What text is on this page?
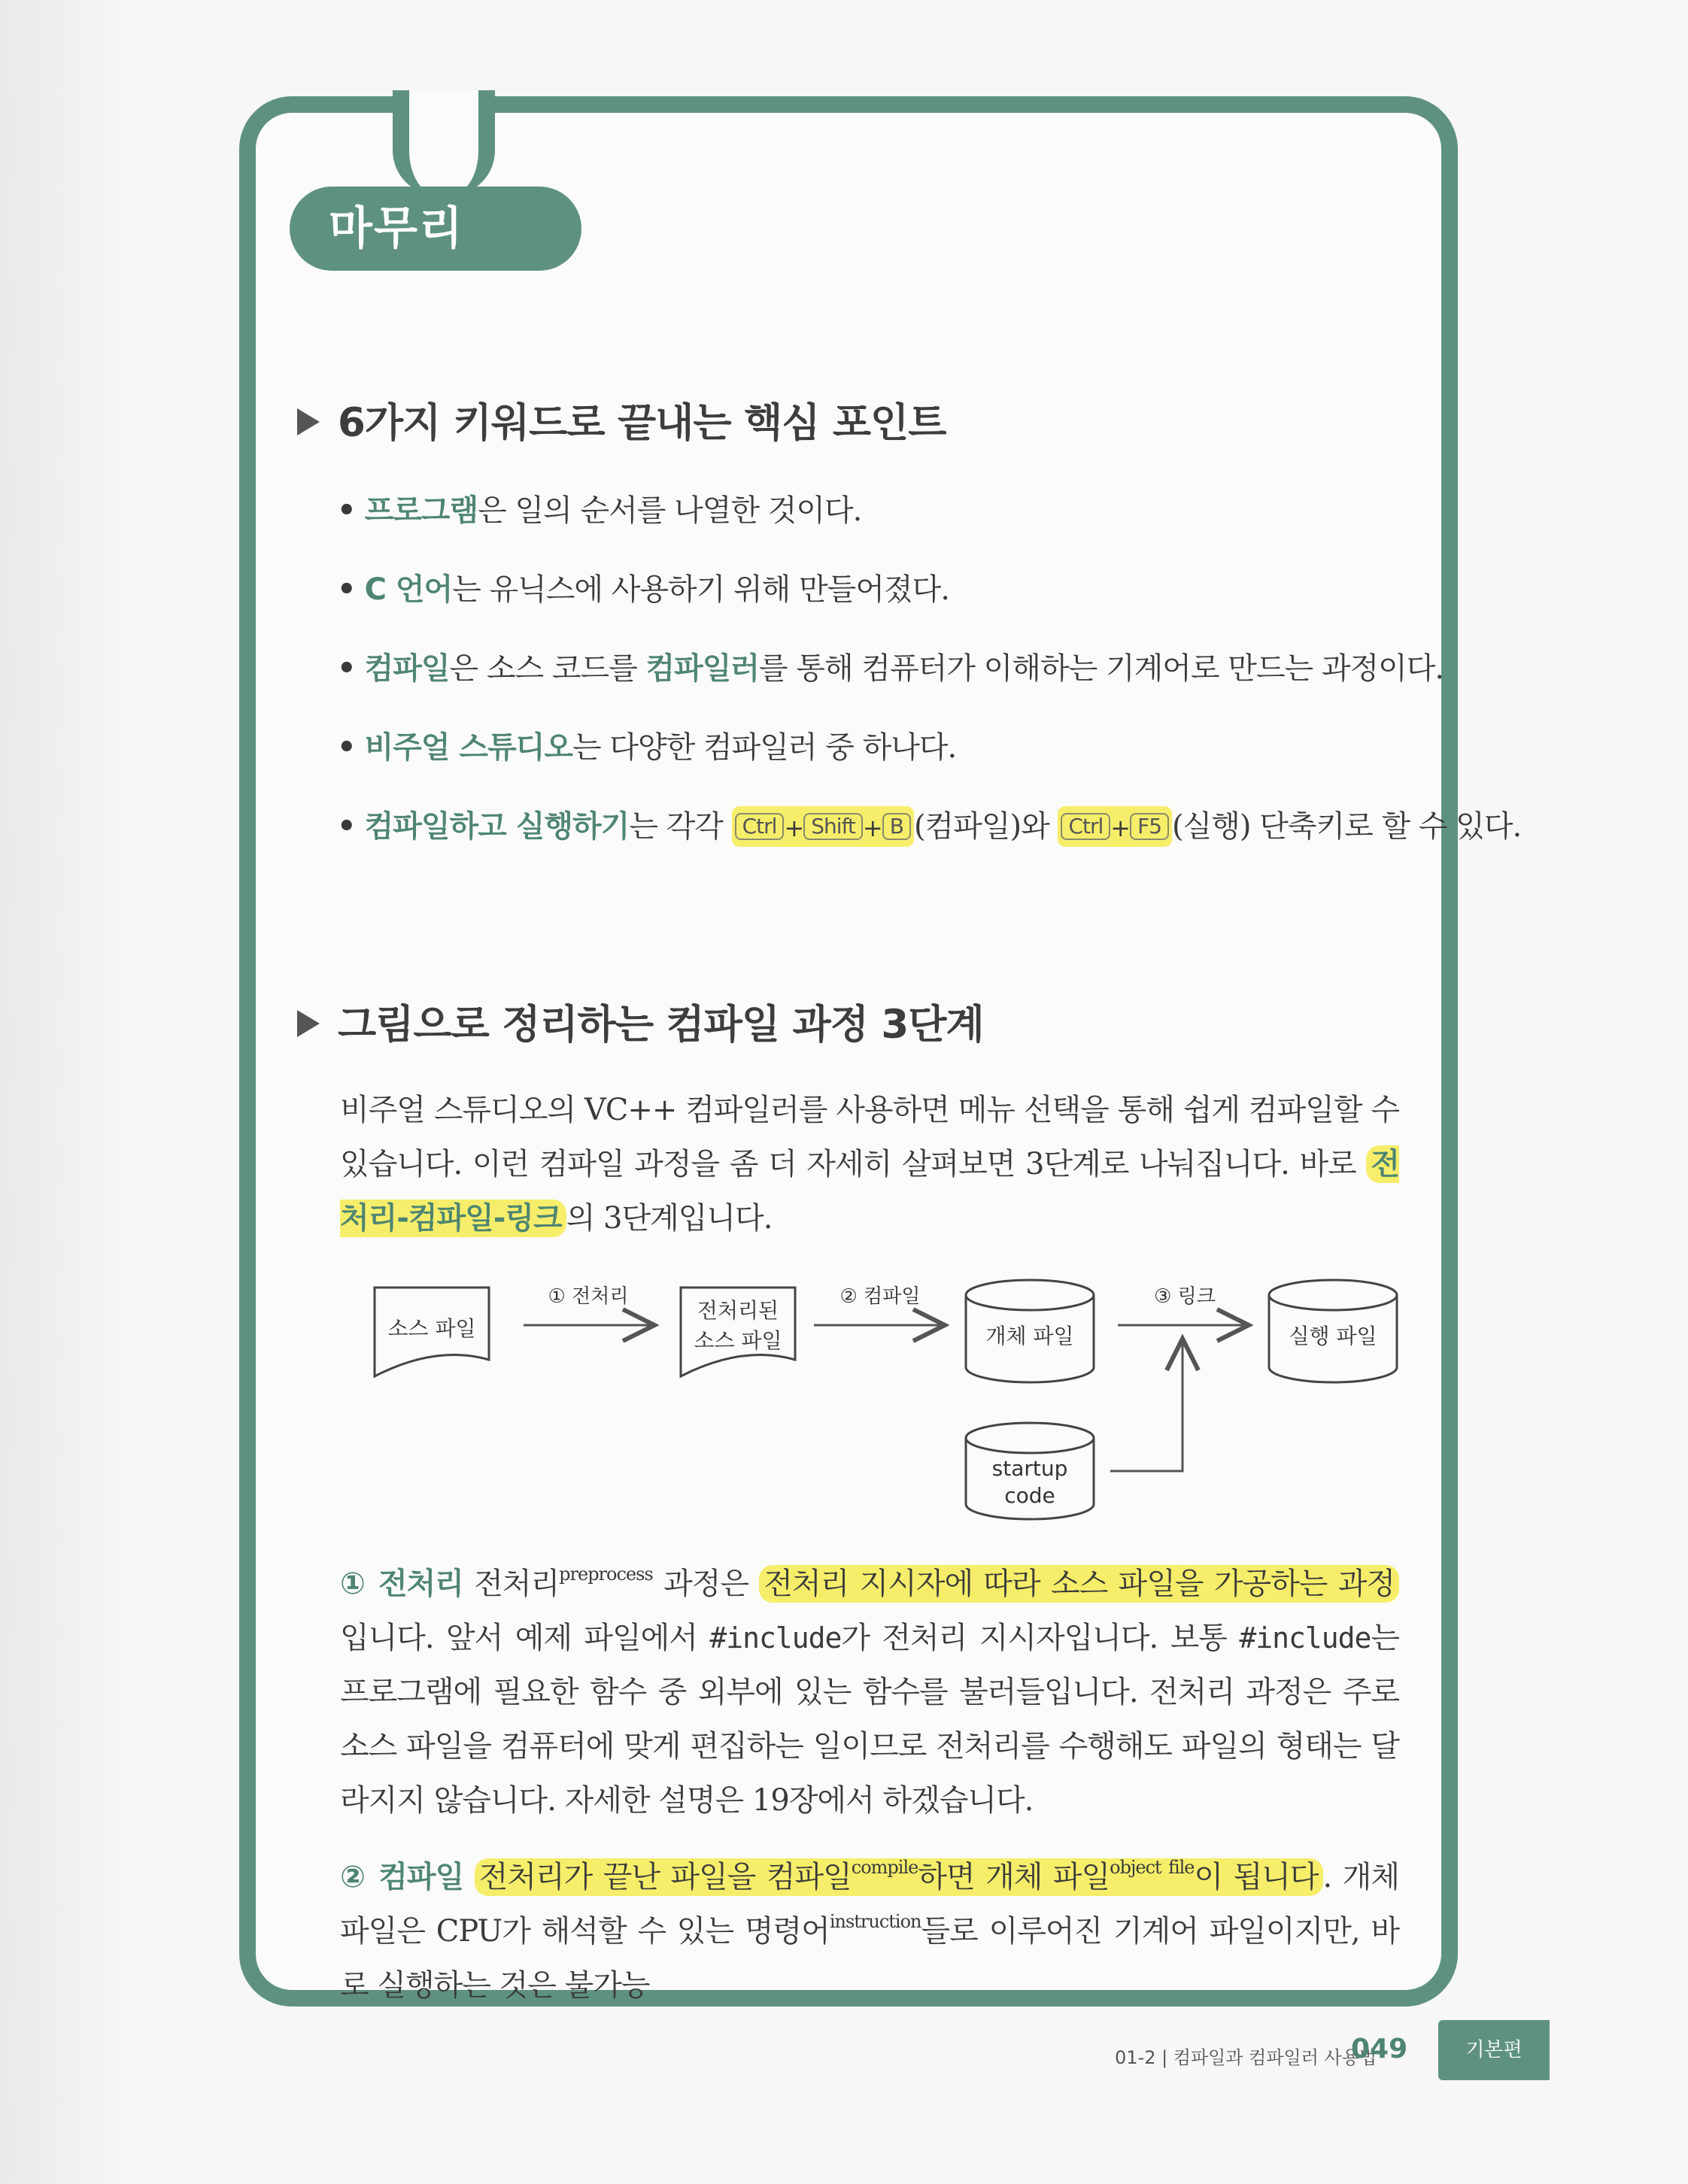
마무리
6가지 키워드로 끝내는 핵심 포인트
• 프로그램은 일의 순서를 나열한 것이다.
• C 언어는 유닉스에 사용하기 위해 만들어졌다.
• 컴파일은 소스 코드를 컴파일러를 통해 컴퓨터가 이해하는 기계어로 만드는 과정이다.
• 비주얼 스튜디오는 다양한 컴파일러 중 하나다.
• 컴파일하고 실행하기는 각각 Ctrl + Shift + B (컴파일)와 Ctrl + F5 (실행) 단축키로 할 수 있다.
그림으로 정리하는 컴파일 과정 3단계
비주얼 스튜디오의 VC++ 컴파일러를 사용하면 메뉴 선택을 통해 쉽게 컴파일할 수 있습니다. 이런 컴파일 과정을 좀 더 자세히 살펴보면 3단계로 나눠집니다. 바로 전처리-컴파일-링크 의 3단계입니다.
소스 파일
① 전처리
전처리된
소스 파일
② 컴파일
개체 파일
③ 링크
실행 파일
startup
code
① 전처리 전처리$^{preprocess}$ 과정은 전처리 지시자에 따라 소스 파일을 가공하는 과정입니다. 앞서 예제 파일에서 #include가 전처리 지시자입니다. 보통 #include는 프로그램에 필요한 함수 중 외부에 있는 함수를 불러들입니다. 전처리 과정은 주로 소스 파일을 컴퓨터에 맞게 편집하는 일이므로 전처리를 수행해도 파일의 형태는 달라지지 않습니다. 자세한 설명은 19장에서 하겠습니다.
② 컴파일 전처리가 끝난 파일을 컴파일$^{compile}$하면 개체 파일$^{object file}$이 됩니다 . 개체 파일은 CPU가 해석할 수 있는 명령어$^{instruction}$들로 이루어진 기계어 파일이지만, 바로 실행하는 것은 불가능
01-2 | 컴파일과 컴파일러 사용법
049	기본편
